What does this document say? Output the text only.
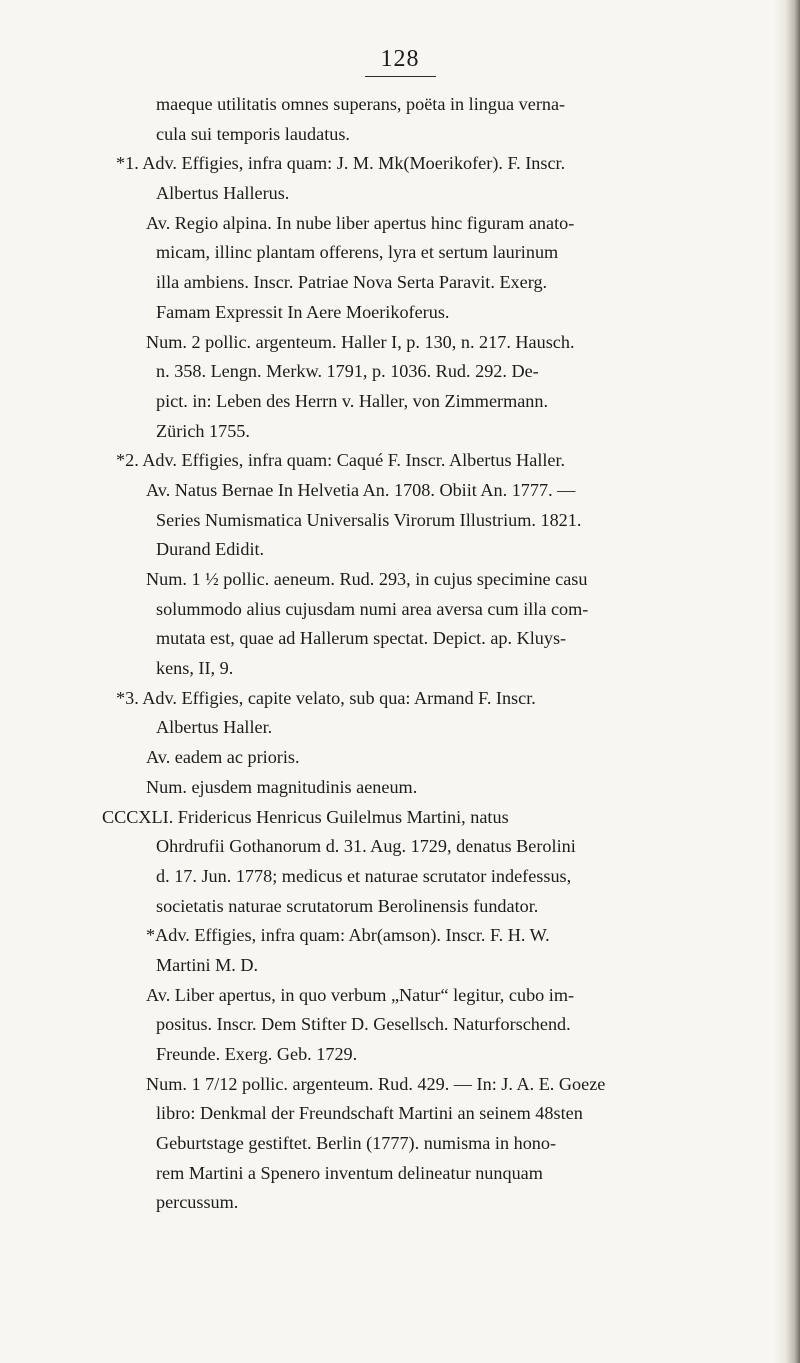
128
maeque utilitatis omnes superans, poëta in lingua verna-
cula sui temporis laudatus.
*1. Adv. Effigies, infra quam: J. M. Mk(Moerikofer). F. Inscr.
Albertus Hallerus.
Av. Regio alpina. In nube liber apertus hinc figuram anato-
micam, illinc plantam offerens, lyra et sertum laurinum
illa ambiens. Inscr. Patriae Nova Serta Paravit. Exerg.
Famam Expressit In Aere Moerikoferus.
Num. 2 pollic. argenteum. Haller I, p. 130, n. 217. Hausch.
n. 358. Lengn. Merkw. 1791, p. 1036. Rud. 292. De-
pict. in: Leben des Herrn v. Haller, von Zimmermann.
Zürich 1755.
*2. Adv. Effigies, infra quam: Caqué F. Inscr. Albertus Haller.
Av. Natus Bernae In Helvetia An. 1708. Obiit An. 1777. —
Series Numismatica Universalis Virorum Illustrium. 1821.
Durand Edidit.
Num. 1 ½ pollic. aeneum. Rud. 293, in cujus specimine casu
solummodo alius cujusdam numi area aversa cum illa com-
mutata est, quae ad Hallerum spectat. Depict. ap. Kluys-
kens, II, 9.
*3. Adv. Effigies, capite velato, sub qua: Armand F. Inscr.
Albertus Haller.
Av. eadem ac prioris.
Num. ejusdem magnitudinis aeneum.
CCCXLI. Fridericus Henricus Guilelmus Martini, natus
Ohrdrufii Gothanorum d. 31. Aug. 1729, denatus Berolini
d. 17. Jun. 1778; medicus et naturae scrutator indefessus,
societatis naturae scrutatorum Berolinensis fundator.
*Adv. Effigies, infra quam: Abr(amson). Inscr. F. H. W.
Martini M. D.
Av. Liber apertus, in quo verbum „Natur“ legitur, cubo im-
positus. Inscr. Dem Stifter D. Gesellsch. Naturforschend.
Freunde. Exerg. Geb. 1729.
Num. 1 7/12 pollic. argenteum. Rud. 429. — In: J. A. E. Goeze
libro: Denkmal der Freundschaft Martini an seinem 48sten
Geburtstage gestiftet. Berlin (1777). numisma in hono-
rem Martini a Spenero inventum delineatur nunquam
percussum.
